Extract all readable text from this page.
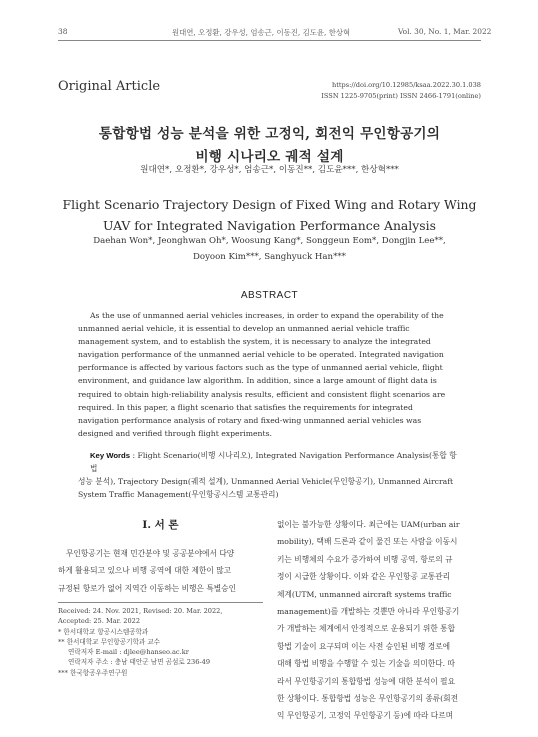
38	원대연, 오정환, 강우성, 엄송근, 이동진, 김도윤, 한상혁	Vol. 30, No. 1, Mar. 2022
Original Article	https://doi.org/10.12985/ksaa.2022.30.1.038
ISSN 1225-9705(print) ISSN 2466-1791(online)
통합항법 성능 분석을 위한 고정익, 회전익 무인항공기의
비행 시나리오 궤적 설계
원대연*, 오정환*, 강우성*, 엄송근*, 이동진**, 김도윤***, 한상혁***
Flight Scenario Trajectory Design of Fixed Wing and Rotary Wing
UAV for Integrated Navigation Performance Analysis
Daehan Won*, Jeonghwan Oh*, Woosung Kang*, Songgeun Eom*, Dongjin Lee**,
Doyoon Kim***, Sanghyuck Han***
ABSTRACT
As the use of unmanned aerial vehicles increases, in order to expand the operability of the
unmanned aerial vehicle, it is essential to develop an unmanned aerial vehicle traffic
management system, and to establish the system, it is necessary to analyze the integrated
navigation performance of the unmanned aerial vehicle to be operated. Integrated navigation
performance is affected by various factors such as the type of unmanned aerial vehicle, flight
environment, and guidance law algorithm. In addition, since a large amount of flight data is
required to obtain high-reliability analysis results, efficient and consistent flight scenarios are
required. In this paper, a flight scenario that satisfies the requirements for integrated
navigation performance analysis of rotary and fixed-wing unmanned aerial vehicles was
designed and verified through flight experiments.
Key Words : Flight Scenario(비행 시나리오), Integrated Navigation Performance Analysis(통합 항법
성능 분석), Trajectory Design(궤적 설계), Unmanned Aerial Vehicle(무인항공기), Unmanned Aircraft
System Traffic Management(무인항공시스템 교통관리)
Ⅰ. 서 론
무인항공기는 현재 민간분야 및 공공분야에서 다양
하게 활용되고 있으나 비행 공역에 대한 제한이 많고
규정된 항로가 없어 지역간 이동하는 비행은 특별승인
Received: 24. Nov. 2021, Revised: 20. Mar. 2022,
Accepted: 25. Mar. 2022
* 한서대학교 항공시스템공학과
** 한서대학교 무인항공기학과 교수
연락저자 E-mail : djlee@hanseo.ac.kr
연락저자 주소 : 충남 태안군 남면 곰섬로 236-49
*** 한국항공우주연구원
없이는 불가능한 상황이다. 최근에는 UAM(urban air
mobility), 택배 드론과 같이 물건 또는 사람을 이동시
키는 비행체의 수요가 증가하여 비행 공역, 항로의 규
정이 시급한 상황이다. 이와 같은 무인항공 교통관리
체계(UTM, unmanned aircraft systems traffic
management)를 개발하는 것뿐만 아니라 무인항공기
가 개발하는 체계에서 안정적으로 운용되기 위한 통합
항법 기술이 요구되며 이는 사전 승인된 비행 경로에
대해 항법 비행을 수행할 수 있는 기술을 의미한다. 따
라서 무인항공기의 통합항법 성능에 대한 분석이 필요
한 상황이다. 통합항법 성능은 무인항공기의 종류(회전
익 무인항공기, 고정익 무인항공기 등)에 따라 다르며
